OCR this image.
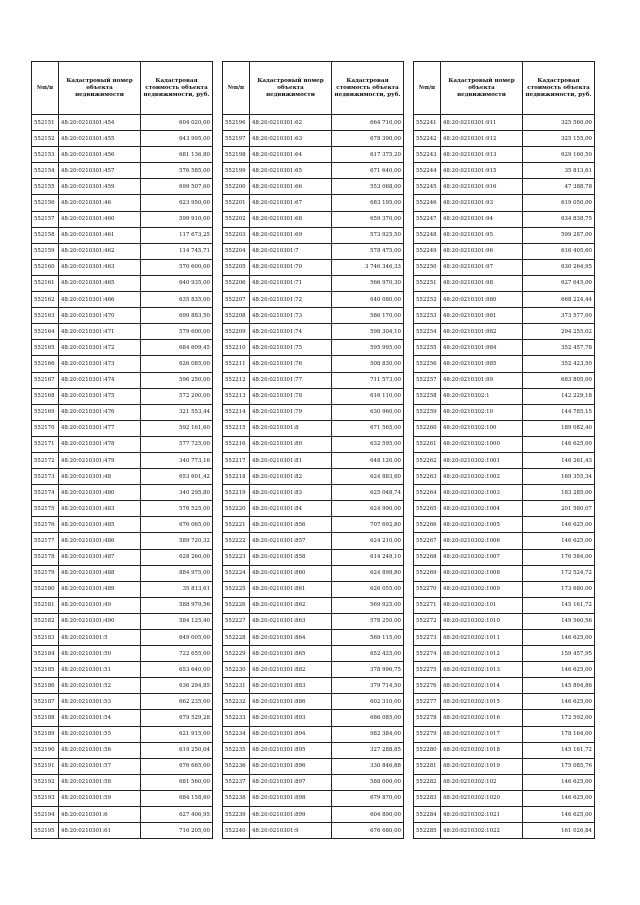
№п/п	Кадастровый номер объекта недвижимости	Кадастровая стоимость объекта недвижимости, руб.
552151	48:20:0210301:454	604 020,00
552152	48:20:0210301:455	643 995,00
552153	48:20:0210301:456	681 136,80
552154	48:20:0210301:457	576 585,00
552155	48:20:0210301:459	699 507,60
552156	48:20:0210301:46	623 950,00
552157	48:20:0210301:460	599 910,00
552158	48:20:0210301:461	117 673,25
552159	48:20:0210301:462	114 745,71
552160	48:20:0210301:463	570 600,00
552161	48:20:0210301:465	640 935,00
552162	48:20:0210301:466	635 835,00
552163	48:20:0210301:470	699 883,50
552164	48:20:0210301:471	579 600,00
552165	48:20:0210301:472	684 609,45
552166	48:20:0210301:473	626 085,00
552167	48:20:0210301:474	596 250,00
552168	48:20:0210301:475	572 200,00
552169	48:20:0210301:476	321 553,44
552170	48:20:0210301:477	592 161,60
552171	48:20:0210301:478	577 725,00
552172	48:20:0210301:479	340 773,16
552173	48:20:0210301:48	653 601,42
552174	48:20:0210301:480	340 295,80
552175	48:20:0210301:483	576 525,00
552176	48:20:0210301:485	676 065,00
552177	48:20:0210301:486	589 720,32
552178	48:20:0210301:487	628 260,00
552179	48:20:0210301:488	884 975,00
552180	48:20:0210301:489	35 813,61
552181	48:20:0210301:49	588 979,56
552182	48:20:0210301:490	584 125,40
552183	48:20:0210301:5	649 005,00
552184	48:20:0210301:50	722 655,00
552185	48:20:0210301:51	653 640,00
552186	48:20:0210301:52	636 294,85
552187	48:20:0210301:53	662 235,00
552188	48:20:0210301:54	679 529,28
552189	48:20:0210301:55	621 915,00
552190	48:20:0210301:56	619 250,04
552191	48:20:0210301:57	676 665,00
552192	48:20:0210301:58	681 560,00
552193	48:20:0210301:59	684 158,60
552194	48:20:0210301:6	627 406,95
552195	48:20:0210301:61	716 205,00
№п/п	Кадастровый номер объекта недвижимости	Кадастровая стоимость объекта недвижимости, руб.
552196	48:20:0210301:62	664 710,00
552197	48:20:0210301:63	678 390,00
552198	48:20:0210301:64	617 375,20
552199	48:20:0210301:65	671 640,00
552200	48:20:0210301:66	553 068,00
552201	48:20:0210301:67	683 195,00
552202	48:20:0210301:68	659 370,00
552203	48:20:0210301:69	573 925,50
552204	48:20:0210301:7	578 475,00
552205	48:20:0210301:70	3 746 346,33
552206	48:20:0210301:71	566 970,30
552207	48:20:0210301:72	640 080,00
552208	48:20:0210301:73	586 170,00
552209	48:20:0210301:74	598 304,10
552210	48:20:0210301:75	595 995,00
552211	48:20:0210301:76	508 830,00
552212	48:20:0210301:77	711 573,00
552213	48:20:0210301:78	616 110,00
552214	48:20:0210301:79	630 960,00
552215	48:20:0210301:8	671 565,00
552216	48:20:0210301:80	632 595,00
552217	48:20:0210301:81	648 120,00
552218	48:20:0210301:82	624 883,60
552219	48:20:0210301:83	625 048,74
552220	48:20:0210301:84	624 990,00
552221	48:20:0210301:856	707 692,80
552222	48:20:0210301:857	624 210,00
552223	48:20:0210301:858	614 248,10
552224	48:20:0210301:860	624 898,80
552225	48:20:0210301:861	626 055,00
552226	48:20:0210301:862	569 925,00
552227	48:20:0210301:863	578 250,00
552228	48:20:0210301:864	569 115,00
552229	48:20:0210301:865	652 425,00
552230	48:20:0210301:882	378 996,75
552231	48:20:0210301:883	379 714,50
552232	48:20:0210301:886	602 310,00
552233	48:20:0210301:893	686 085,00
552234	48:20:0210301:894	982 384,00
552235	48:20:0210301:895	327 288,85
552236	48:20:0210301:896	330 846,88
552237	48:20:0210301:897	588 000,00
552238	48:20:0210301:898	679 870,00
552239	48:20:0210301:899	604 890,00
552240	48:20:0210301:9	676 680,00
№п/п	Кадастровый номер объекта недвижимости	Кадастровая стоимость объекта недвижимости, руб.
552241	48:20:0210301:911	325 560,00
552242	48:20:0210301:912	325 155,00
552243	48:20:0210301:913	629 160,50
552244	48:20:0210301:915	35 813,61
552245	48:20:0210301:916	47 388,78
552246	48:20:0210301:93	619 050,00
552247	48:20:0210301:94	634 838,75
552248	48:20:0210301:95	599 287,00
552249	48:20:0210301:96	616 405,60
552250	48:20:0210301:97	630 264,95
552251	48:20:0210301:98	627 645,00
552252	48:20:0210301:980	668 224,44
552253	48:20:0210301:981	373 577,00
552254	48:20:0210301:982	294 255,02
552255	48:20:0210301:984	352 457,78
552256	48:20:0210301:985	352 423,50
552257	48:20:0210301:99	683 805,00
552258	48:20:0210302:1	142 229,18
552259	48:20:0210302:10	144 785,15
552260	48:20:0210302:100	189 082,40
552261	48:20:0210302:1000	146 625,00
552262	48:20:0210302:1001	146 261,43
552263	48:20:0210302:1002	169 355,34
552264	48:20:0210302:1003	183 285,00
552265	48:20:0210302:1004	201 580,07
552266	48:20:0210302:1005	146 625,00
552267	48:20:0210302:1006	146 625,00
552268	48:20:0210302:1007	176 584,00
552269	48:20:0210302:1008	172 524,72
552270	48:20:0210302:1009	173 680,00
552271	48:20:0210302:101	145 161,72
552272	48:20:0210302:1010	149 560,56
552273	48:20:0210302:1011	146 625,00
552274	48:20:0210302:1012	159 457,95
552275	48:20:0210302:1013	146 625,00
552276	48:20:0210302:1014	145 894,86
552277	48:20:0210302:1015	146 625,00
552278	48:20:0210302:1016	172 592,00
552279	48:20:0210302:1017	178 164,00
552280	48:20:0210302:1018	145 161,72
552281	48:20:0210302:1019	175 085,76
552282	48:20:0210302:102	146 625,00
552283	48:20:0210302:1020	146 625,00
552284	48:20:0210302:1021	146 625,00
552285	48:20:0210302:1022	161 026,84
